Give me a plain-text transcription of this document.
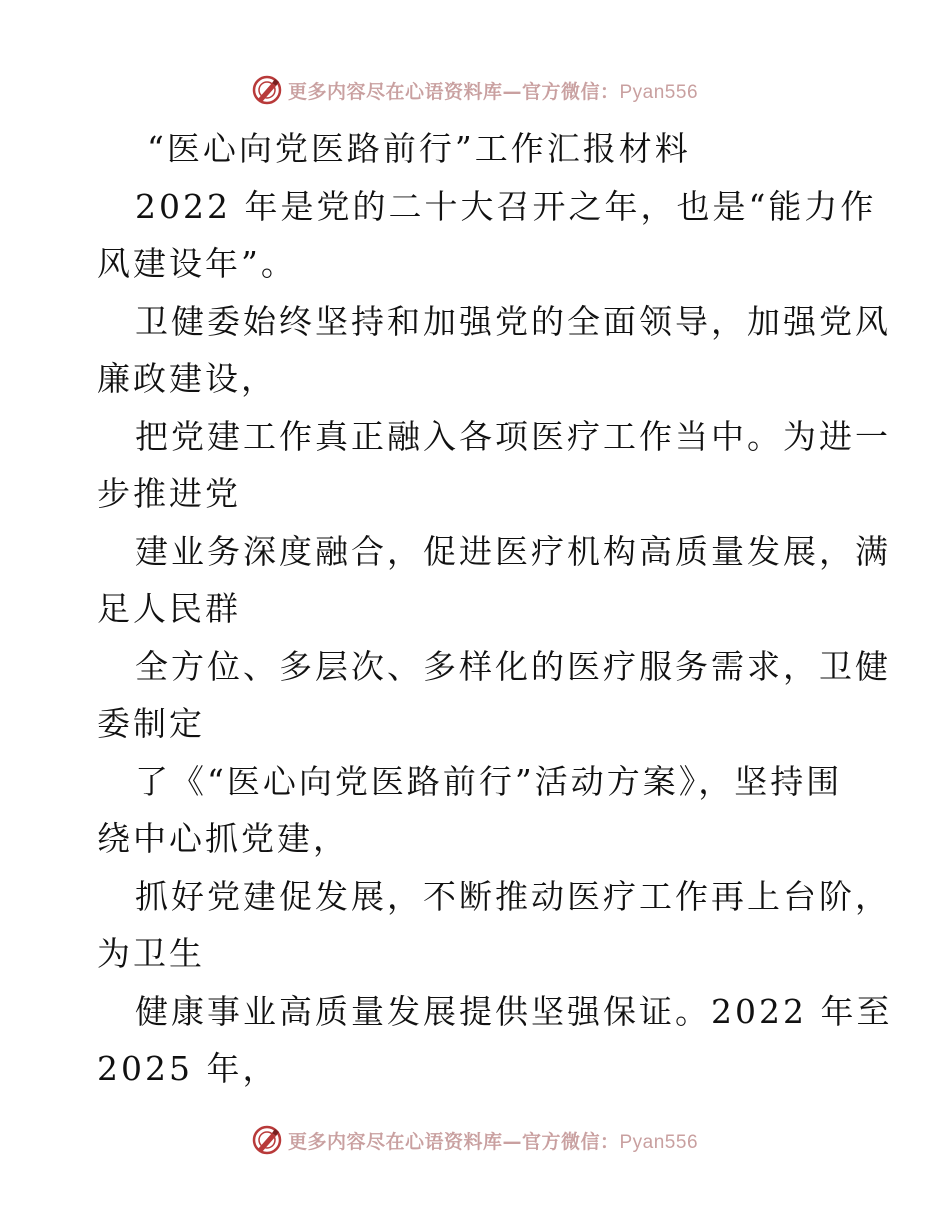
更多内容尽在心语资料库—官方微信：Pyan556
“医心向党医路前行”工作汇报材料
2022 年是党的二十大召开之年，也是“能力作
风建设年”。
卫健委始终坚持和加强党的全面领导，加强党风
廉政建设，
把党建工作真正融入各项医疗工作当中。为进一
步推进党
建业务深度融合，促进医疗机构高质量发展，满
足人民群
全方位、多层次、多样化的医疗服务需求，卫健
委制定
了《“医心向党医路前行”活动方案》，坚持围
绕中心抓党建，
抓好党建促发展，不断推动医疗工作再上台阶，
为卫生
健康事业高质量发展提供坚强保证。2022 年至
2025 年，
更多内容尽在心语资料库—官方微信：Pyan556
